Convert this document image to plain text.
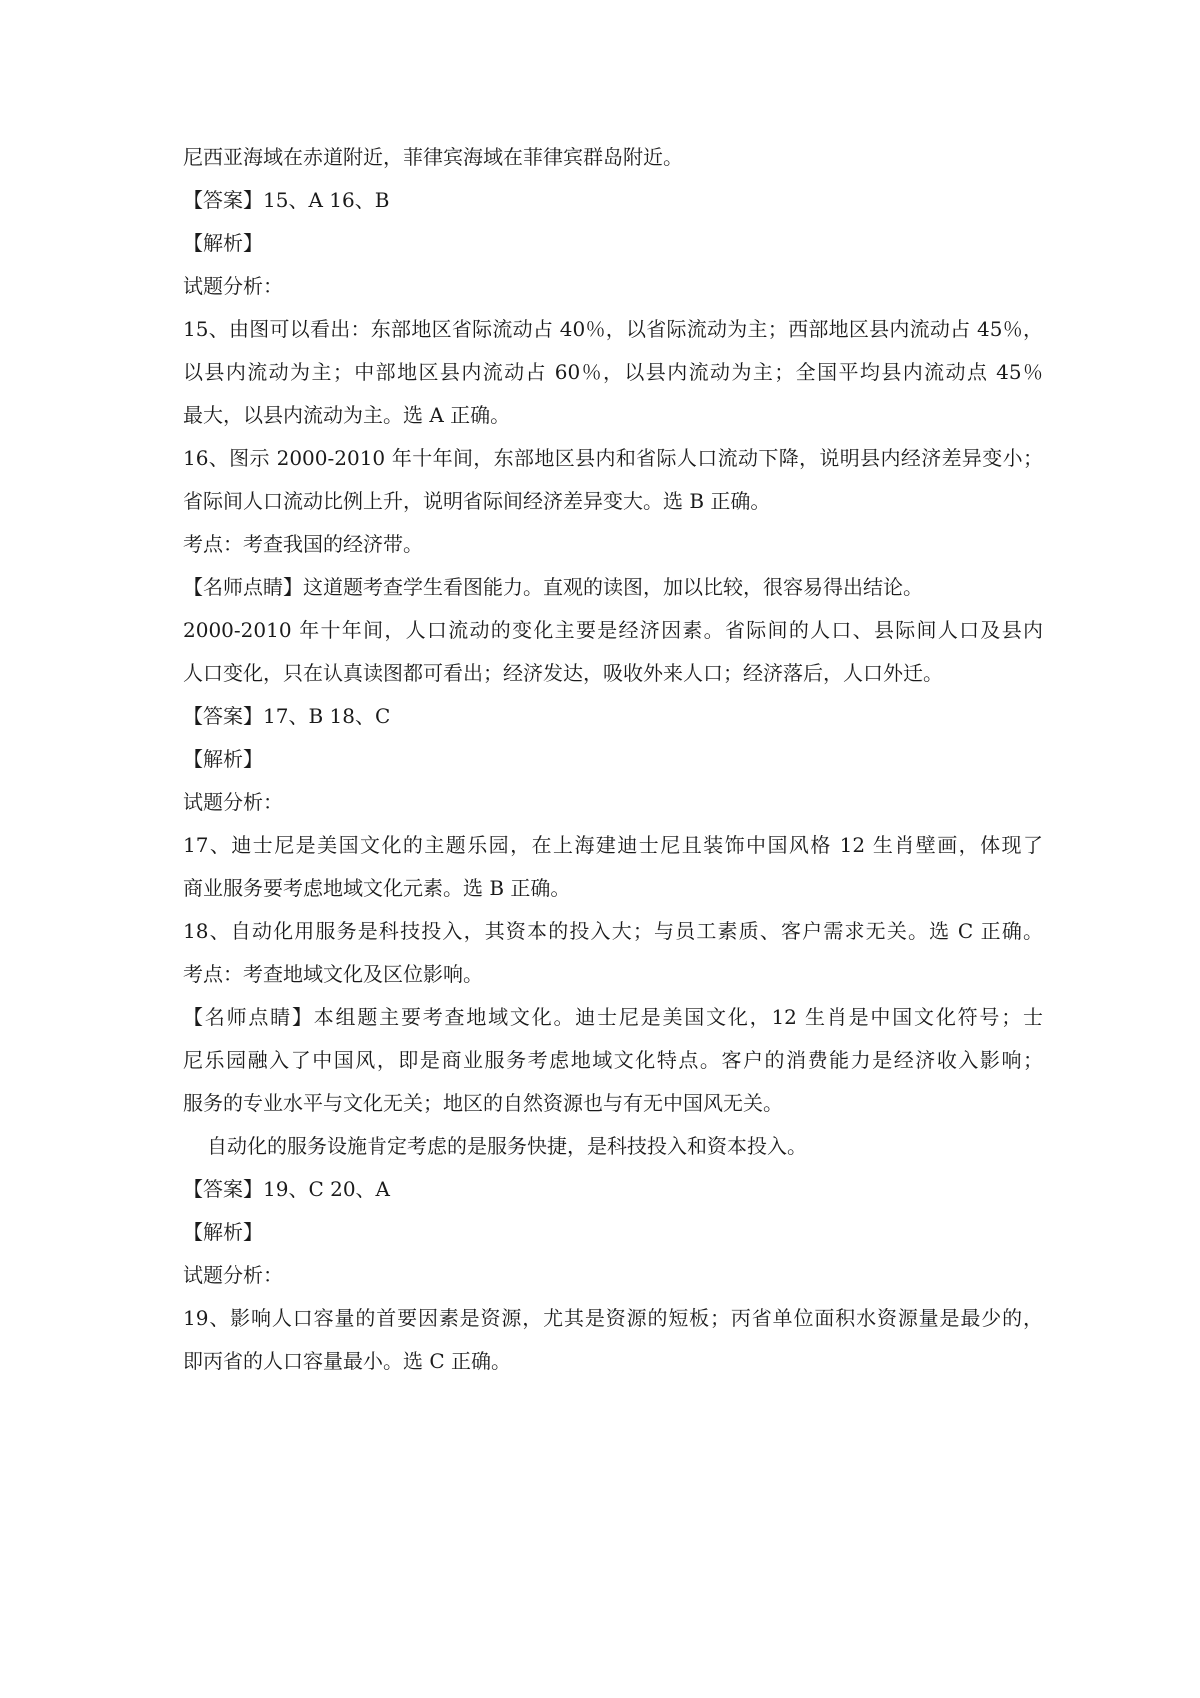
尼西亚海域在赤道附近，菲律宾海域在菲律宾群岛附近。

【答案】15、A 16、B

【解析】

试题分析：

15、由图可以看出：东部地区省际流动占 40％，以省际流动为主；西部地区县内流动占 45％，

以县内流动为主；中部地区县内流动占 60％，以县内流动为主；全国平均县内流动点 45％

最大，以县内流动为主。选 A 正确。

16、图示 2000-2010 年十年间，东部地区县内和省际人口流动下降，说明县内经济差异变小；

省际间人口流动比例上升，说明省际间经济差异变大。选 B 正确。

考点：考查我国的经济带。

【名师点睛】这道题考查学生看图能力。直观的读图，加以比较，很容易得出结论。

2000-2010 年十年间，人口流动的变化主要是经济因素。省际间的人口、县际间人口及县内

人口变化，只在认真读图都可看出；经济发达，吸收外来人口；经济落后，人口外迁。

【答案】17、B 18、C

【解析】

试题分析：

17、迪士尼是美国文化的主题乐园，在上海建迪士尼且装饰中国风格 12 生肖壁画，体现了

商业服务要考虑地域文化元素。选 B 正确。

18、自动化用服务是科技投入，其资本的投入大；与员工素质、客户需求无关。选 C 正确。

考点：考查地域文化及区位影响。

【名师点睛】本组题主要考查地域文化。迪士尼是美国文化，12 生肖是中国文化符号；士

尼乐园融入了中国风，即是商业服务考虑地域文化特点。客户的消费能力是经济收入影响；

服务的专业水平与文化无关；地区的自然资源也与有无中国风无关。

自动化的服务设施肯定考虑的是服务快捷，是科技投入和资本投入。

【答案】19、C 20、A

【解析】

试题分析：

19、影响人口容量的首要因素是资源，尤其是资源的短板；丙省单位面积水资源量是最少的，

即丙省的人口容量最小。选 C 正确。
